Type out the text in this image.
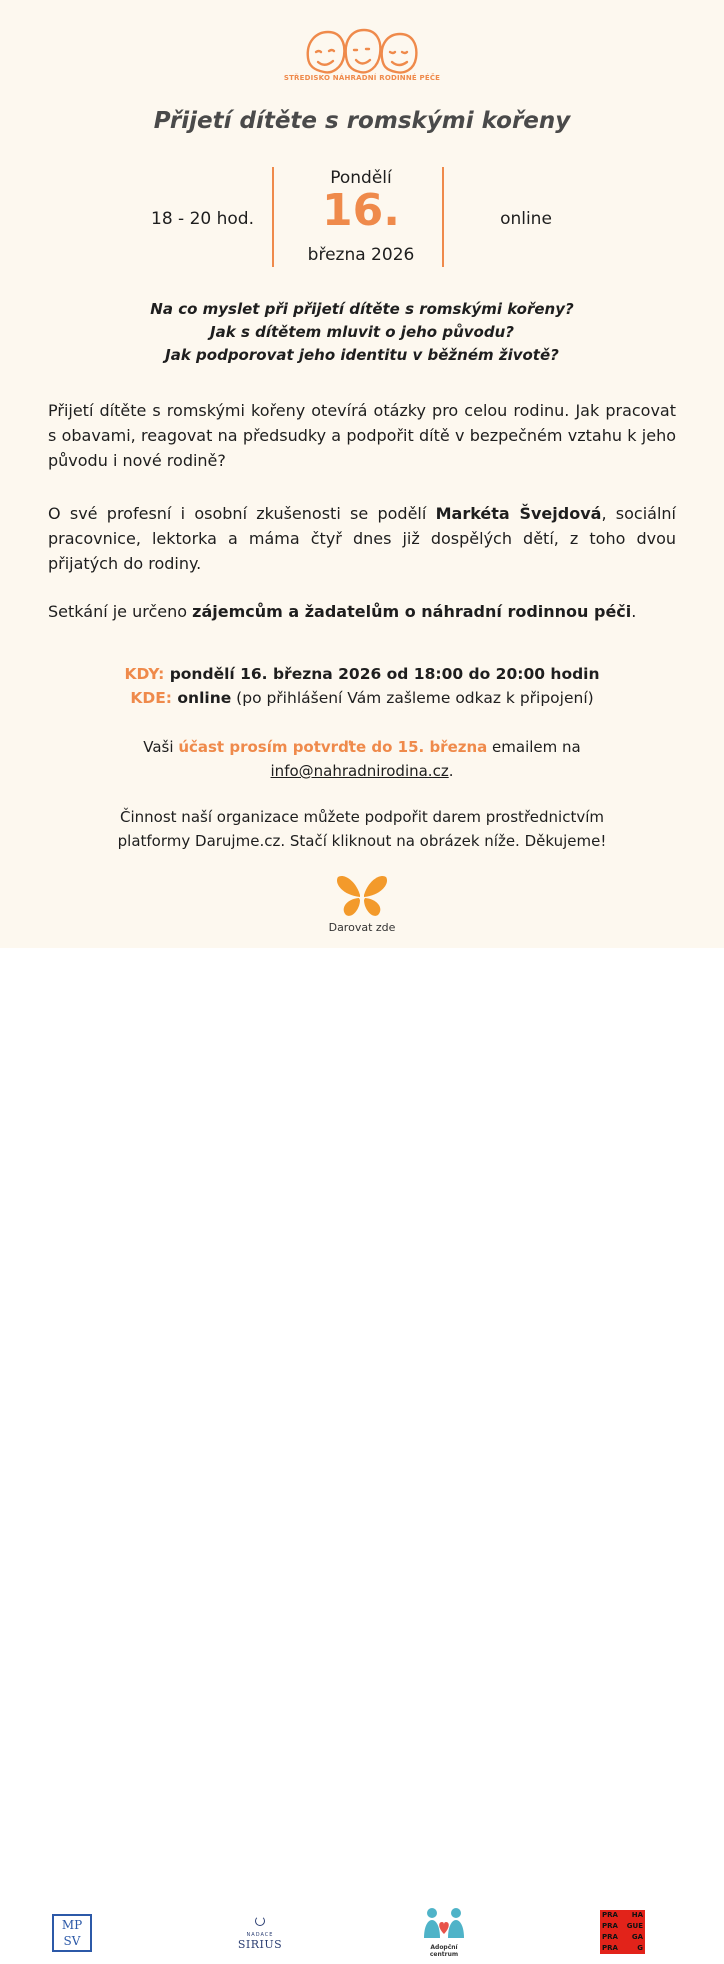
STŘEDISKO NÁHRADNÍ RODINNÉ PÉČE
Přijetí dítěte s romskými kořeny
18 - 20 hod.
Pondělí
16.
března 2026
online
Na co myslet při přijetí dítěte s romskými kořeny?
Jak s dítětem mluvit o jeho původu?
Jak podporovat jeho identitu v běžném životě?
Přijetí dítěte s romskými kořeny otevírá otázky pro celou rodinu. Jak pracovat s obavami, reagovat na předsudky a podpořit dítě v bezpečném vztahu k jeho původu i nové rodině?
O své profesní i osobní zkušenosti se podělí Markéta Švejdová, sociální pracovnice, lektorka a máma čtyř dnes již dospělých dětí, z toho dvou přijatých do rodiny.
Setkání je určeno zájemcům a žadatelům o náhradní rodinnou péči.
KDY: pondělí 16. března 2026 od 18:00 do 20:00 hodin
KDE: online (po přihlášení Vám zašleme odkaz k připojení)
Vaši účast prosím potvrďte do 15. března emailem na
info@nahradnirodina.cz.
Činnost naší organizace můžete podpořit darem prostřednictvím
platformy Darujme.cz. Stačí kliknout na obrázek níže. Děkujeme!
Darovat zde
MP
SV	NADACE
SIRIUS	Adopční
centrum
PRA HA
PRA GUE
PRA GA
PRA	G
